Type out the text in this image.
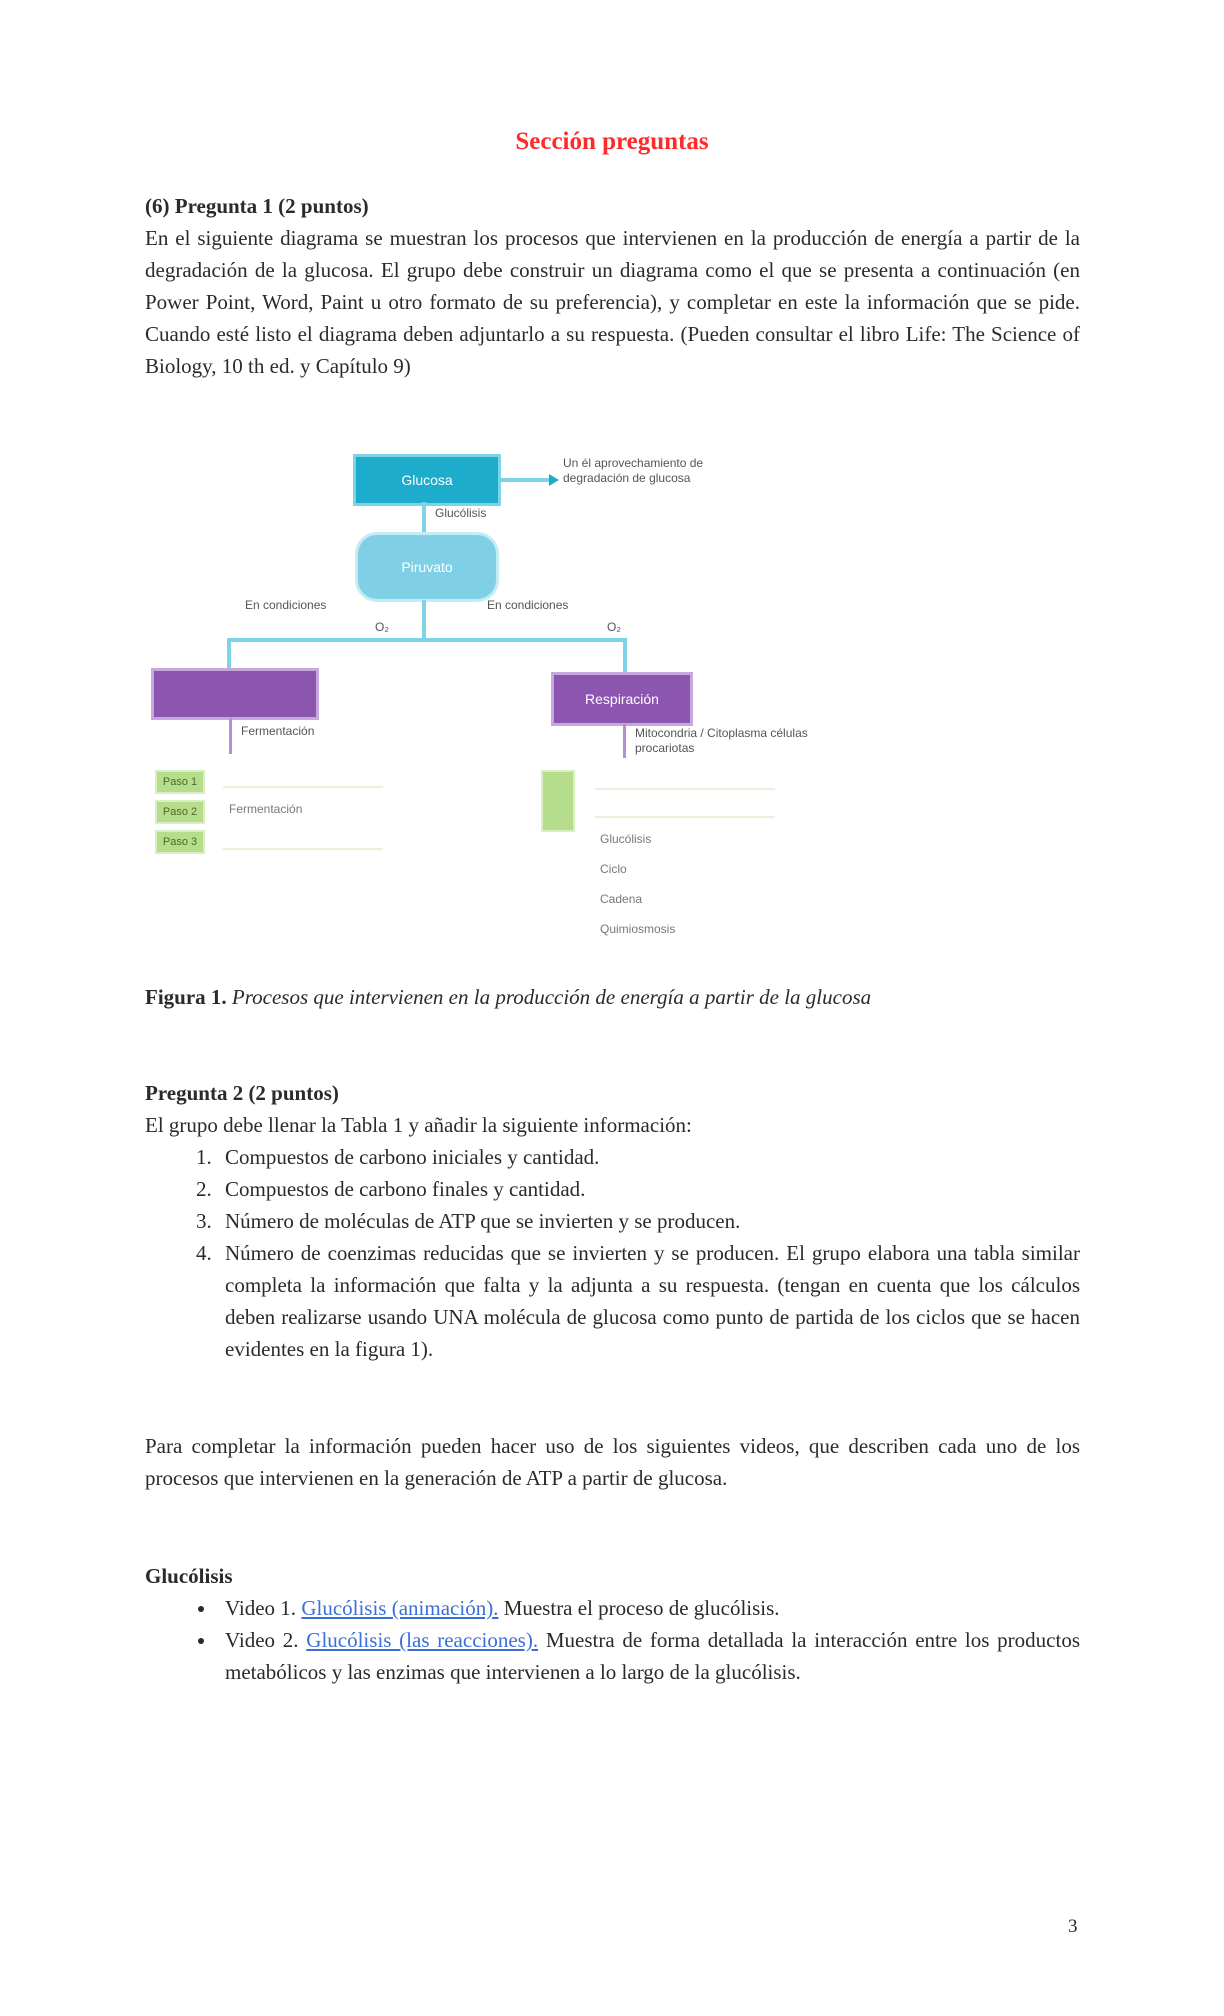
Sección preguntas
(6) Pregunta 1 (2 puntos)
En el siguiente diagrama se muestran los procesos que intervienen en la producción de energía a partir de la degradación de la glucosa. El grupo debe construir un diagrama como el que se presenta a continuación (en Power Point, Word, Paint u otro formato de su preferencia), y completar en este la información que se pide. Cuando esté listo el diagrama deben adjuntarlo a su respuesta. (Pueden consultar el libro Life: The Science of Biology, 10 th ed. y Capítulo 9)
Glucosa
Un él aprovechamiento de degradación de glucosa
Glucólisis
Piruvato
En condiciones
O₂
En condiciones
O₂
Respiración
Fermentación	Mitocondria / Citoplasma células procariotas
Paso 1
Paso 2	Fermentación
Paso 3	Glucólisis
Ciclo
Cadena
Quimiosmosis
Figura 1. Procesos que intervienen en la producción de energía a partir de la glucosa
Pregunta 2 (2 puntos)
El grupo debe llenar la Tabla 1 y añadir la siguiente información:
1. Compuestos de carbono iniciales y cantidad.
2. Compuestos de carbono finales y cantidad.
3. Número de moléculas de ATP que se invierten y se producen.
4. Número de coenzimas reducidas que se invierten y se producen. El grupo elabora una tabla similar completa la información que falta y la adjunta a su respuesta. (tengan en cuenta que los cálculos deben realizarse usando UNA molécula de glucosa como punto de partida de los ciclos que se hacen evidentes en la figura 1).
Para completar la información pueden hacer uso de los siguientes videos, que describen cada uno de los procesos que intervienen en la generación de ATP a partir de glucosa.
Glucólisis
• Video 1. Glucólisis (animación). Muestra el proceso de glucólisis.
• Video 2. Glucólisis (las reacciones). Muestra de forma detallada la interacción entre los productos metabólicos y las enzimas que intervienen a lo largo de la glucólisis.
3
